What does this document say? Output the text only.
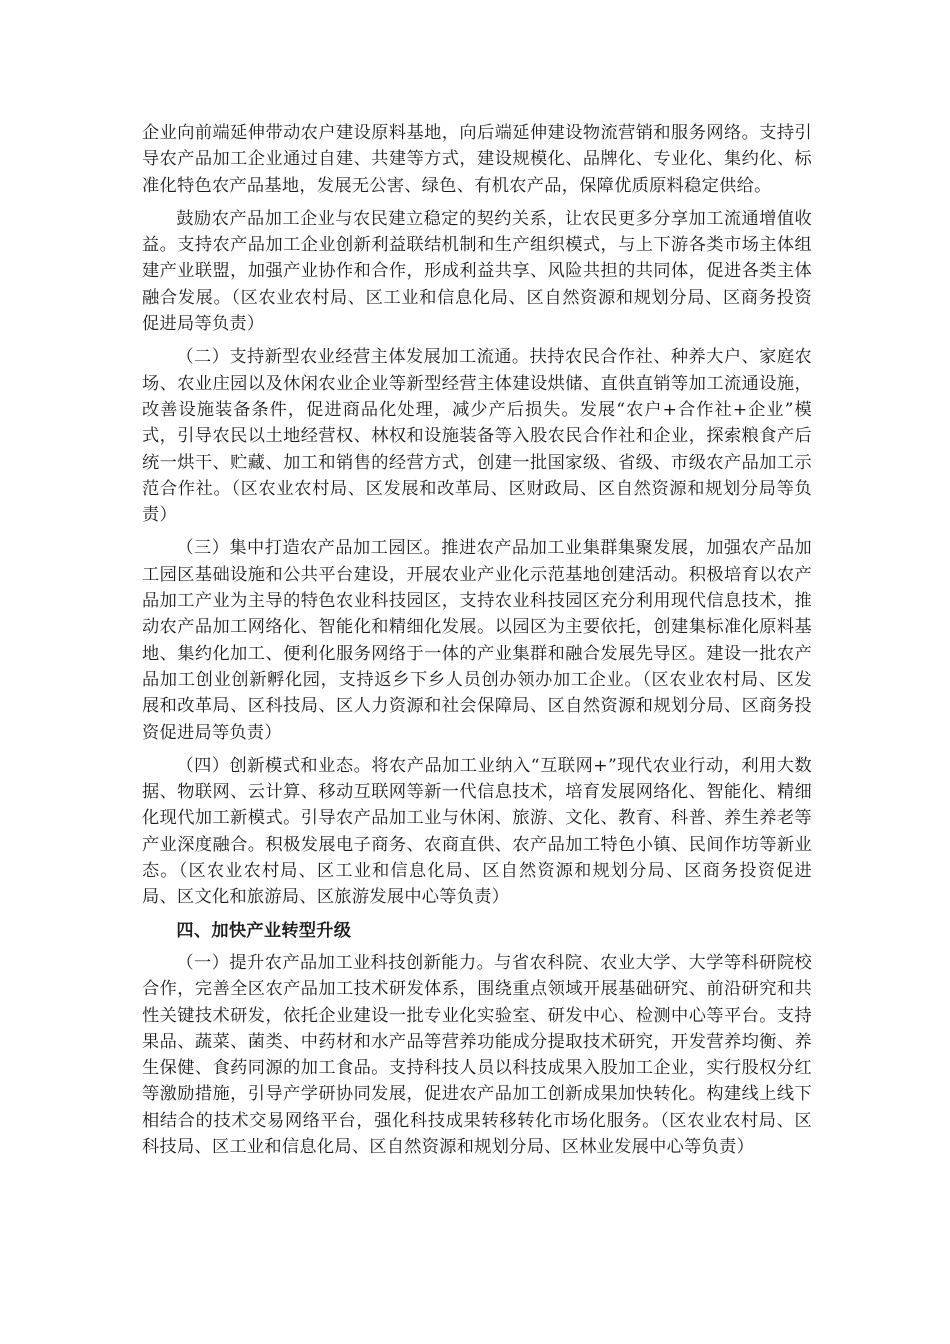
企业向前端延伸带动农户建设原料基地，向后端延伸建设物流营销和服务网络。支持引导农产品加工企业通过自建、共建等方式，建设规模化、品牌化、专业化、集约化、标准化特色农产品基地，发展无公害、绿色、有机农产品，保障优质原料稳定供给。

鼓励农产品加工企业与农民建立稳定的契约关系，让农民更多分享加工流通增值收益。支持农产品加工企业创新利益联结机制和生产组织模式，与上下游各类市场主体组建产业联盟，加强产业协作和合作，形成利益共享、风险共担的共同体，促进各类主体融合发展。（区农业农村局、区工业和信息化局、区自然资源和规划分局、区商务投资促进局等负责）

（二）支持新型农业经营主体发展加工流通。扶持农民合作社、种养大户、家庭农场、农业庄园以及休闲农业企业等新型经营主体建设烘储、直供直销等加工流通设施，改善设施装备条件，促进商品化处理，减少产后损失。发展“农户+合作社+企业”模式，引导农民以土地经营权、林权和设施装备等入股农民合作社和企业，探索粮食产后统一烘干、贮藏、加工和销售的经营方式，创建一批国家级、省级、市级农产品加工示范合作社。（区农业农村局、区发展和改革局、区财政局、区自然资源和规划分局等负责）

（三）集中打造农产品加工园区。推进农产品加工业集群集聚发展，加强农产品加工园区基础设施和公共平台建设，开展农业产业化示范基地创建活动。积极培育以农产品加工产业为主导的特色农业科技园区，支持农业科技园区充分利用现代信息技术，推动农产品加工网络化、智能化和精细化发展。以园区为主要依托，创建集标准化原料基地、集约化加工、便利化服务网络于一体的产业集群和融合发展先导区。建设一批农产品加工创业创新孵化园，支持返乡下乡人员创办领办加工企业。（区农业农村局、区发展和改革局、区科技局、区人力资源和社会保障局、区自然资源和规划分局、区商务投资促进局等负责）

（四）创新模式和业态。将农产品加工业纳入“互联网+”现代农业行动，利用大数据、物联网、云计算、移动互联网等新一代信息技术，培育发展网络化、智能化、精细化现代加工新模式。引导农产品加工业与休闲、旅游、文化、教育、科普、养生养老等产业深度融合。积极发展电子商务、农商直供、农产品加工特色小镇、民间作坊等新业态。（区农业农村局、区工业和信息化局、区自然资源和规划分局、区商务投资促进局、区文化和旅游局、区旅游发展中心等负责）

四、加快产业转型升级

（一）提升农产品加工业科技创新能力。与省农科院、农业大学、大学等科研院校合作，完善全区农产品加工技术研发体系，围绕重点领域开展基础研究、前沿研究和共性关键技术研发，依托企业建设一批专业化实验室、研发中心、检测中心等平台。支持果品、蔬菜、菌类、中药材和水产品等营养功能成分提取技术研究，开发营养均衡、养生保健、食药同源的加工食品。支持科技人员以科技成果入股加工企业，实行股权分红等激励措施，引导产学研协同发展，促进农产品加工创新成果加快转化。构建线上线下相结合的技术交易网络平台，强化科技成果转移转化市场化服务。（区农业农村局、区科技局、区工业和信息化局、区自然资源和规划分局、区林业发展中心等负责）
